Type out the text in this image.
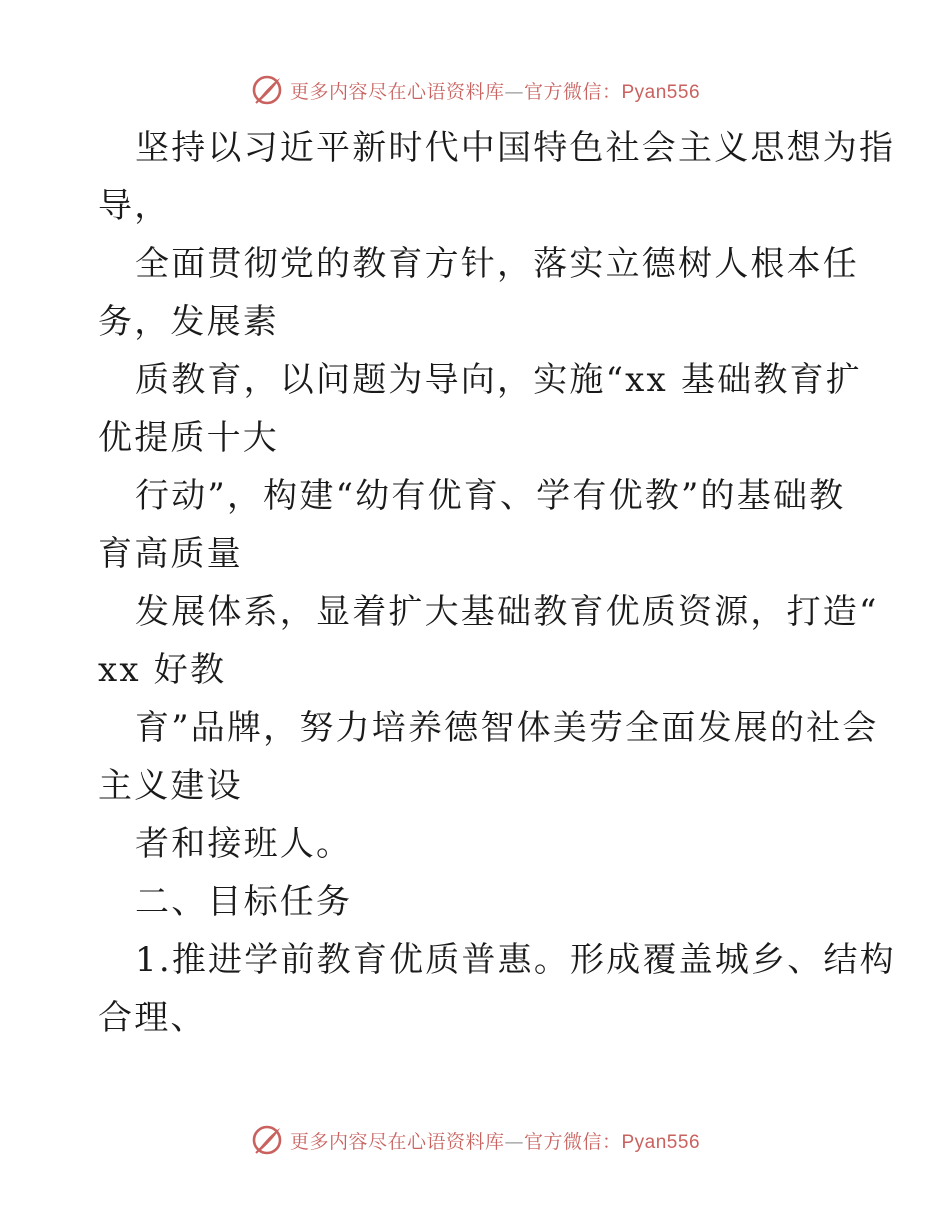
更多内容尽在心语资料库—官方微信：Pyan556
坚持以习近平新时代中国特色社会主义思想为指
导，
全面贯彻党的教育方针，落实立德树人根本任
务，发展素
质教育，以问题为导向，实施“xx 基础教育扩
优提质十大
行动”，构建“幼有优育、学有优教”的基础教
育高质量
发展体系，显着扩大基础教育优质资源，打造“
xx 好教
育”品牌，努力培养德智体美劳全面发展的社会
主义建设
者和接班人。
二、目标任务
1.推进学前教育优质普惠。形成覆盖城乡、结构
合理、
更多内容尽在心语资料库—官方微信：Pyan556
